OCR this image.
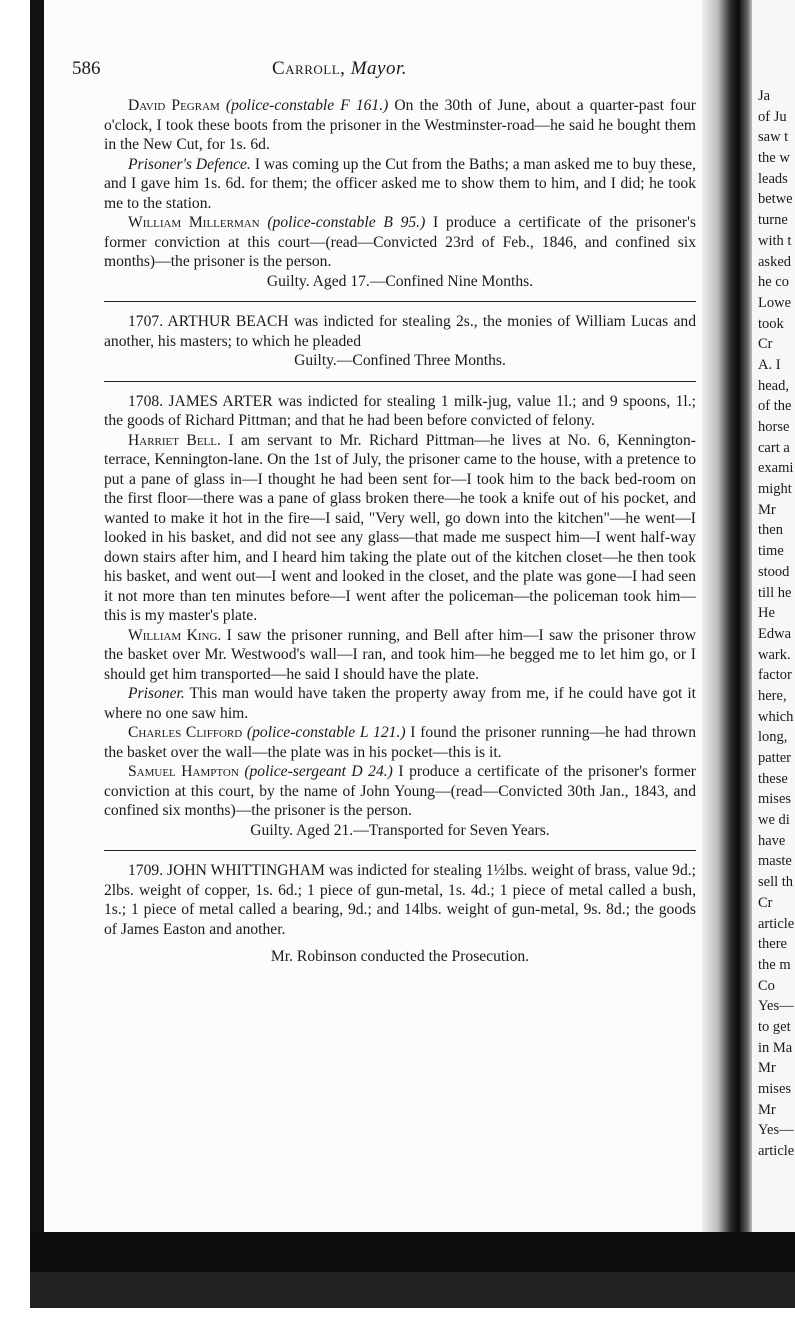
586	Carroll, Mayor.

David Pegram (police-constable F 161.) On the 30th of June, about a quarter-past four o'clock, I took these boots from the prisoner in the Westminster-road—he said he bought them in the New Cut, for 1s. 6d.

Prisoner's Defence. I was coming up the Cut from the Baths; a man asked me to buy these, and I gave him 1s. 6d. for them; the officer asked me to show them to him, and I did; he took me to the station.

William Millerman (police-constable B 95.) I produce a certificate of the prisoner's former conviction at this court—(read—Convicted 23rd of Feb., 1846, and confined six months)—the prisoner is the person.

Guilty. Aged 17.—Confined Nine Months.

1707. ARTHUR BEACH was indicted for stealing 2s., the monies of William Lucas and another, his masters; to which he pleaded

Guilty.—Confined Three Months.

1708. JAMES ARTER was indicted for stealing 1 milk-jug, value 1l.; and 9 spoons, 1l.; the goods of Richard Pittman; and that he had been before convicted of felony.

Harriet Bell. I am servant to Mr. Richard Pittman—he lives at No. 6, Kennington-terrace, Kennington-lane. On the 1st of July, the prisoner came to the house, with a pretence to put a pane of glass in—I thought he had been sent for—I took him to the back bed-room on the first floor—there was a pane of glass broken there—he took a knife out of his pocket, and wanted to make it hot in the fire—I said, "Very well, go down into the kitchen"—he went—I looked in his basket, and did not see any glass—that made me suspect him—I went half-way down stairs after him, and I heard him taking the plate out of the kitchen closet—he then took his basket, and went out—I went and looked in the closet, and the plate was gone—I had seen it not more than ten minutes before—I went after the policeman—the policeman took him—this is my master's plate.

William King. I saw the prisoner running, and Bell after him—I saw the prisoner throw the basket over Mr. Westwood's wall—I ran, and took him—he begged me to let him go, or I should get him transported—he said I should have the plate.

Prisoner. This man would have taken the property away from me, if he could have got it where no one saw him.

Charles Clifford (police-constable L 121.) I found the prisoner running—he had thrown the basket over the wall—the plate was in his pocket—this is it.

Samuel Hampton (police-sergeant D 24.) I produce a certificate of the prisoner's former conviction at this court, by the name of John Young—(read—Convicted 30th Jan., 1843, and confined six months)—the prisoner is the person.

Guilty. Aged 21.—Transported for Seven Years.

1709. JOHN WHITTINGHAM was indicted for stealing 1½lbs. weight of brass, value 9d.; 2lbs. weight of copper, 1s. 6d.; 1 piece of gun-metal, 1s. 4d.; 1 piece of metal called a bush, 1s.; 1 piece of metal called a bearing, 9d.; and 14lbs. weight of gun-metal, 9s. 8d.; the goods of James Easton and another.

Mr. Robinson conducted the Prosecution.

Ja
of Ju
saw t
the w
leads
betwe
turne
with t
asked
he co
Lowe
took
Cr
A. I
head,
of the
horse
cart a
exami
might
Mr
then
time
stood
till he
He
Edwa
wark.
factor
here,
which
long,
patter
these
mises
we di
have
maste
sell th
Cr
article
there
the m
Co
Yes—
to get
in Ma
Mr
mises
Mr
Yes—
article
